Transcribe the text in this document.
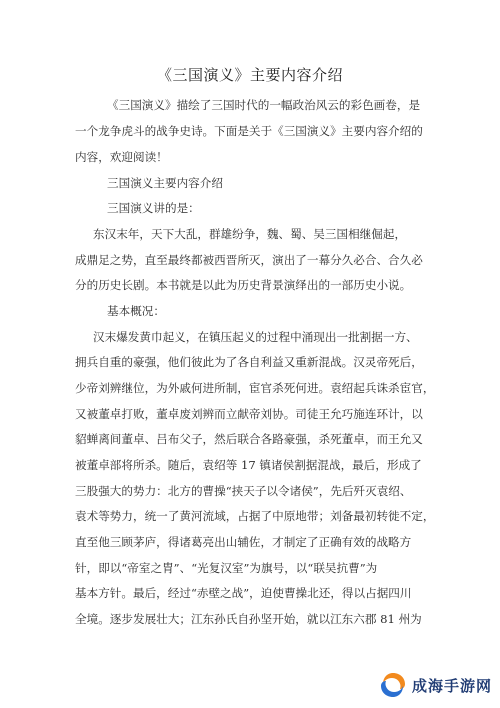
《三国演义》主要内容介绍
《三国演义》描绘了三国时代的一幅政治风云的彩色画卷，是
一个龙争虎斗的战争史诗。下面是关于《三国演义》主要内容介绍的
内容，欢迎阅读！
三国演义主要内容介绍
三国演义讲的是：
东汉末年，天下大乱，群雄纷争，魏、蜀、吴三国相继倔起，
成鼎足之势，直至最终都被西晋所灭，演出了一幕分久必合、合久必
分的历史长剧。本书就是以此为历史背景演绎出的一部历史小说。
基本概况：
汉末爆发黄巾起义，在镇压起义的过程中涌现出一批割据一方、
拥兵自重的豪强，他们彼此为了各自利益又重新混战。汉灵帝死后，
少帝刘辨继位，为外戚何进所制，宦官杀死何进。袁绍起兵诛杀宦官，
又被董卓打败，董卓废刘辨而立献帝刘协。司徒王允巧施连环计，以
貂蝉离间董卓、吕布父子，然后联合各路豪强，杀死董卓，而王允又
被董卓部将所杀。随后，袁绍等 17 镇诸侯割据混战，最后，形成了
三股强大的势力：北方的曹操“挟天子以令诸侯”，先后歼灭袁绍、
袁术等势力，统一了黄河流域，占据了中原地带；刘备最初转徙不定，
直至他三顾茅庐，得诸葛亮出山辅佐，才制定了正确有效的战略方
针，即以“帝室之胄”、“光复汉室”为旗号，以“联吴抗曹”为
基本方针。最后，经过“赤壁之战”，迫使曹操北还，得以占据四川
全境。逐步发展壮大；江东孙氏自孙坚开始，就以江东六郡 81 州为
成海手游网
